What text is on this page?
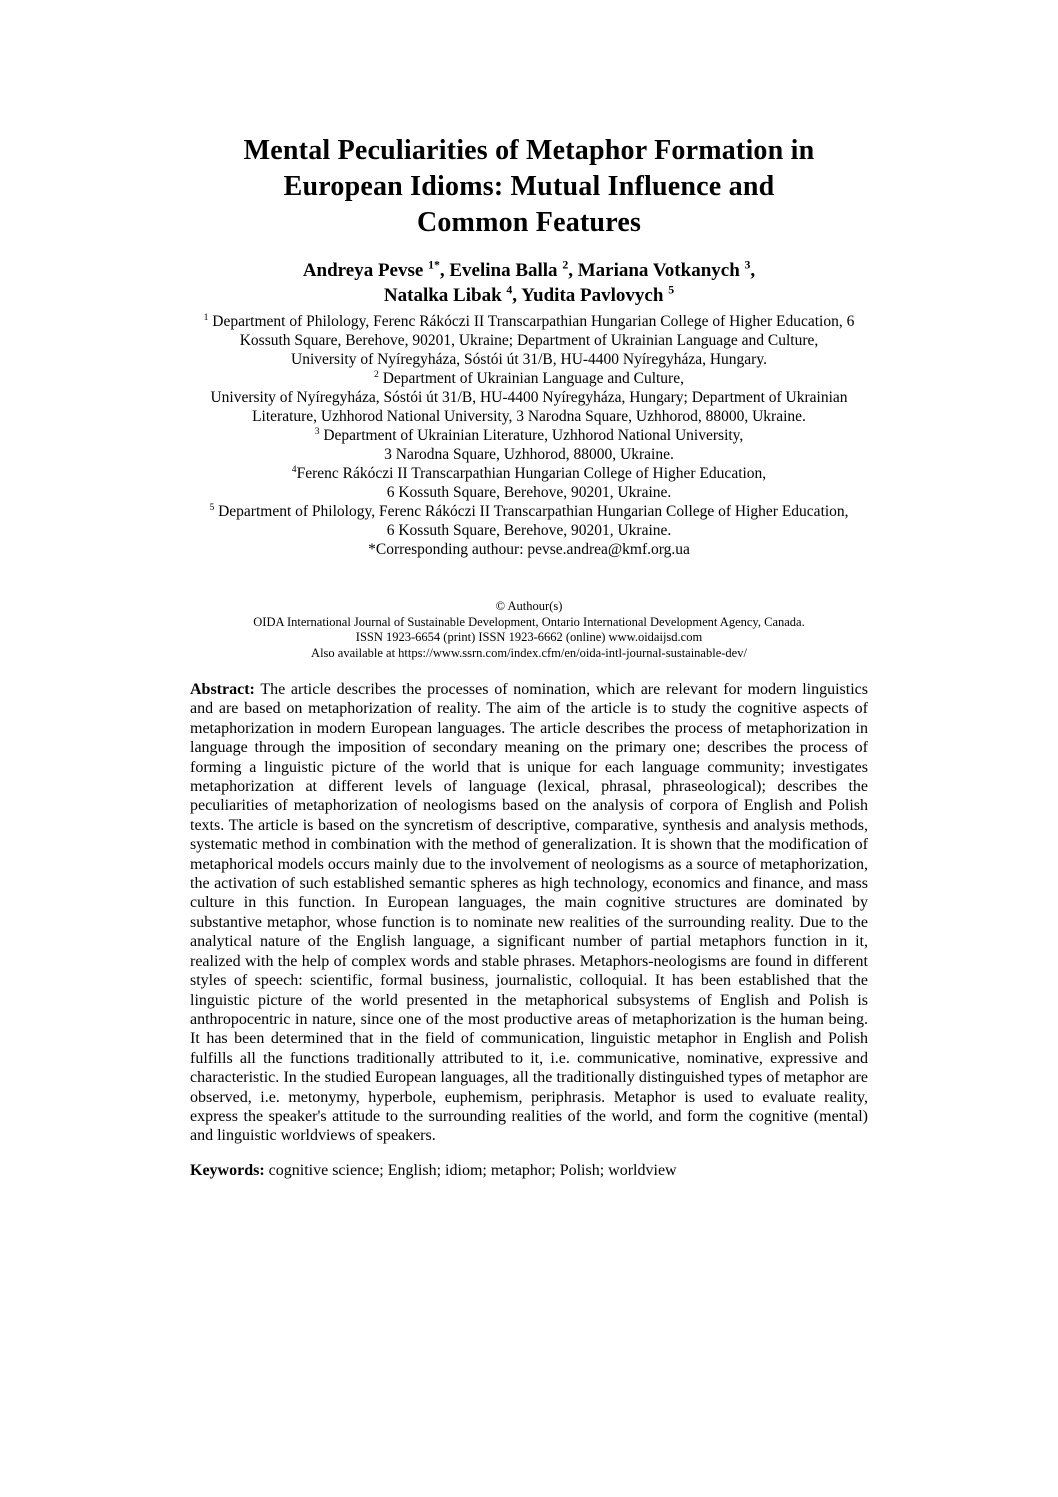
Mental Peculiarities of Metaphor Formation in
European Idioms: Mutual Influence and
Common Features
Andreya Pevse $^{1*}$, Evelina Balla $^2$, Mariana Votkanych $^3$,
Natalka Libak $^4$, Yudita Pavlovych $^5$
$^1$ Department of Philology, Ferenc Rákóczi II Transcarpathian Hungarian College of Higher Education, 6
Kossuth Square, Berehove, 90201, Ukraine; Department of Ukrainian Language and Culture,
University of Nyíregyháza, Sóstói út 31/B, HU-4400 Nyíregyháza, Hungary.
$^2$ Department of Ukrainian Language and Culture,
University of Nyíregyháza, Sóstói út 31/B, HU-4400 Nyíregyháza, Hungary; Department of Ukrainian
Literature, Uzhhorod National University, 3 Narodna Square, Uzhhorod, 88000, Ukraine.
$^3$ Department of Ukrainian Literature, Uzhhorod National University,
3 Narodna Square, Uzhhorod, 88000, Ukraine.
$^4$Ferenc Rákóczi II Transcarpathian Hungarian College of Higher Education,
6 Kossuth Square, Berehove, 90201, Ukraine.
$^5$ Department of Philology, Ferenc Rákóczi II Transcarpathian Hungarian College of Higher Education,
6 Kossuth Square, Berehove, 90201, Ukraine.
*Corresponding authour: pevse.andrea@kmf.org.ua
© Authour(s)
OIDA International Journal of Sustainable Development, Ontario International Development Agency, Canada.
ISSN 1923-6654 (print) ISSN 1923-6662 (online) www.oidaijsd.com
Also available at https://www.ssrn.com/index.cfm/en/oida-intl-journal-sustainable-dev/

Abstract: The article describes the processes of nomination, which are relevant for modern linguistics and are based on metaphorization of reality. The aim of the article is to study the cognitive aspects of metaphorization in modern European languages. The article describes the process of metaphorization in language through the imposition of secondary meaning on the primary one; describes the process of forming a linguistic picture of the world that is unique for each language community; investigates metaphorization at different levels of language (lexical, phrasal, phraseological); describes the peculiarities of metaphorization of neologisms based on the analysis of corpora of English and Polish texts. The article is based on the syncretism of descriptive, comparative, synthesis and analysis methods, systematic method in combination with the method of generalization. It is shown that the modification of metaphorical models occurs mainly due to the involvement of neologisms as a source of metaphorization, the activation of such established semantic spheres as high technology, economics and finance, and mass culture in this function. In European languages, the main cognitive structures are dominated by substantive metaphor, whose function is to nominate new realities of the surrounding reality. Due to the analytical nature of the English language, a significant number of partial metaphors function in it, realized with the help of complex words and stable phrases. Metaphors-neologisms are found in different styles of speech: scientific, formal business, journalistic, colloquial. It has been established that the linguistic picture of the world presented in the metaphorical subsystems of English and Polish is anthropocentric in nature, since one of the most productive areas of metaphorization is the human being. It has been determined that in the field of communication, linguistic metaphor in English and Polish fulfills all the functions traditionally attributed to it, i.e. communicative, nominative, expressive and characteristic. In the studied European languages, all the traditionally distinguished types of metaphor are observed, i.e. metonymy, hyperbole, euphemism, periphrasis. Metaphor is used to evaluate reality, express the speaker's attitude to the surrounding realities of the world, and form the cognitive (mental) and linguistic worldviews of speakers.

Keywords: cognitive science; English; idiom; metaphor; Polish; worldview
